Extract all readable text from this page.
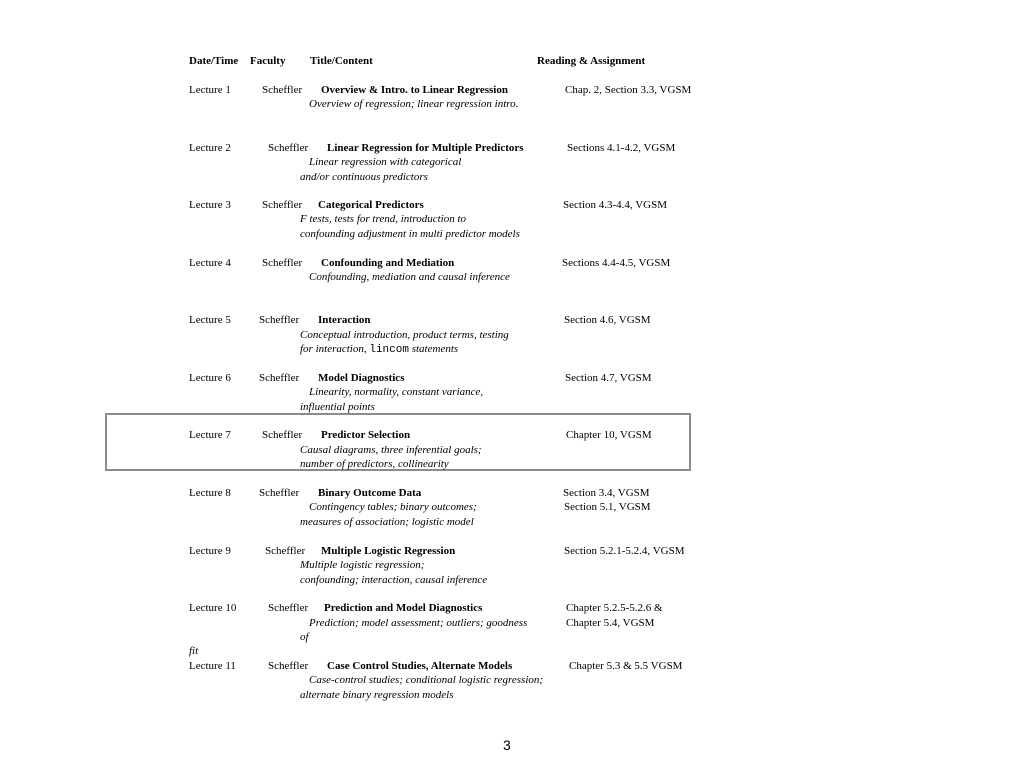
Date/Time Faculty Title/Content	Reading & Assignment
Lecture 1	Scheffler Overview & Intro. to Linear Regression	Chap. 2, Section 3.3, VGSM
Overview of regression; linear regression intro.
Lecture 2	Scheffler Linear Regression for Multiple Predictors	Sections 4.1-4.2, VGSM
Linear regression with categorical
and/or continuous predictors
Lecture 3	Scheffler Categorical Predictors	Section 4.3-4.4, VGSM
F tests, tests for trend, introduction to
confounding adjustment in multi predictor models
Lecture 4	Scheffler Confounding and Mediation	Sections 4.4-4.5, VGSM
Confounding, mediation and causal inference
Lecture 5	Scheffler Interaction	Section 4.6, VGSM
Conceptual introduction, product terms, testing
for interaction, lincom statements
Lecture 6	Scheffler Model Diagnostics	Section 4.7, VGSM
Linearity, normality, constant variance,
influential points
Lecture 7	Scheffler Predictor Selection	Chapter 10, VGSM
Causal diagrams, three inferential goals;
number of predictors, collinearity
Lecture 8	Scheffler Binary Outcome Data	Section 3.4, VGSM
Contingency tables; binary outcomes;	Section 5.1, VGSM
measures of association; logistic model
Lecture 9	Scheffler Multiple Logistic Regression	Section 5.2.1-5.2.4, VGSM
Multiple logistic regression;
confounding; interaction, causal inference
Lecture 10	Scheffler Prediction and Model Diagnostics	Chapter 5.2.5-5.2.6 &
Prediction; model assessment; outliers; goodness	Chapter 5.4, VGSM
of
fit
Lecture 11	Scheffler Case Control Studies, Alternate Models	Chapter 5.3 & 5.5 VGSM
Case-control studies; conditional logistic regression;
alternate binary regression models
3
